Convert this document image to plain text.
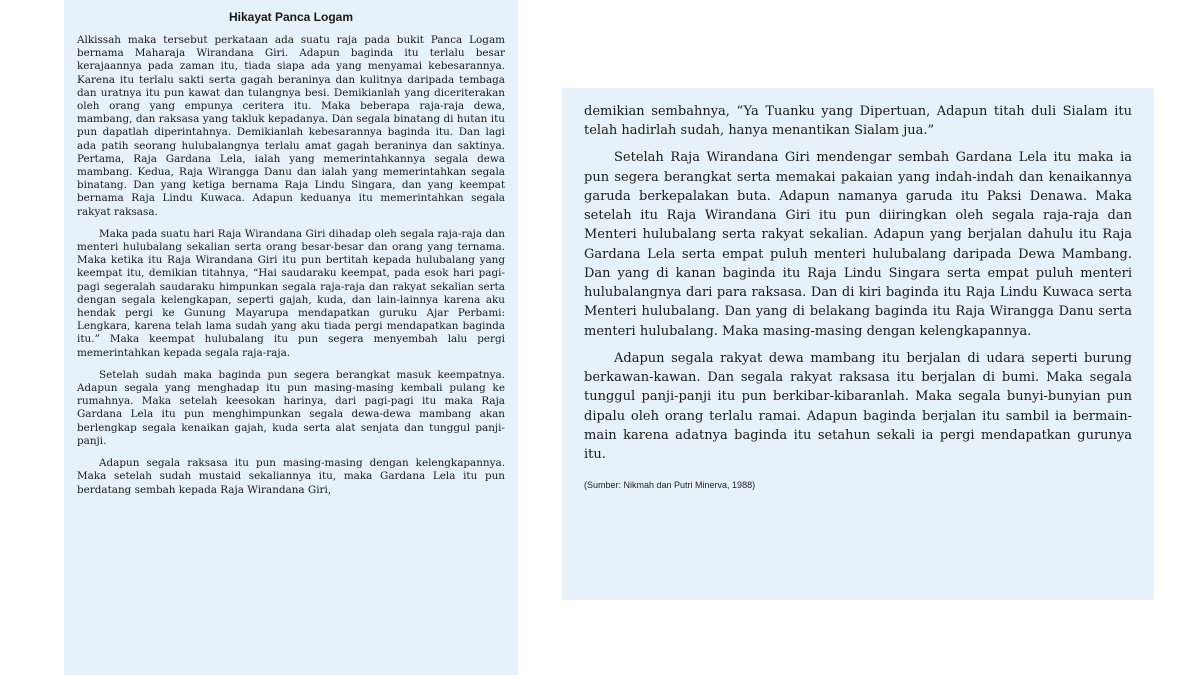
Hikayat Panca Logam

Alkissah maka tersebut perkataan ada suatu raja pada bukit Panca Logam bernama Maharaja Wirandana Giri. Adapun baginda itu terlalu besar kerajaannya pada zaman itu, tiada siapa ada yang menyamai kebesarannya. Karena itu terlalu sakti serta gagah beraninya dan kulitnya daripada tembaga dan uratnya itu pun kawat dan tulangnya besi. Demikianlah yang diceriterakan oleh orang yang empunya ceritera itu. Maka beberapa raja-raja dewa, mambang, dan raksasa yang takluk kepadanya. Dan segala binatang di hutan itu pun dapatlah diperintahnya. Demikianlah kebesarannya baginda itu. Dan lagi ada patih seorang hulubalangnya terlalu amat gagah beraninya dan saktinya. Pertama, Raja Gardana Lela, ialah yang memerintahkannya segala dewa mambang. Kedua, Raja Wirangga Danu dan ialah yang memerintahkan segala binatang. Dan yang ketiga bernama Raja Lindu Singara, dan yang keempat bernama Raja Lindu Kuwaca. Adapun keduanya itu memerintahkan segala rakyat raksasa.

Maka pada suatu hari Raja Wirandana Giri dihadap oleh segala raja-raja dan menteri hulubalang sekalian serta orang besar-besar dan orang yang ternama. Maka ketika itu Raja Wirandana Giri itu pun bertitah kepada hulubalang yang keempat itu, demikian titahnya, “Hai saudaraku keempat, pada esok hari pagi-pagi segeralah saudaraku himpunkan segala raja-raja dan rakyat sekalian serta dengan segala kelengkapan, seperti gajah, kuda, dan lain-lainnya karena aku hendak pergi ke Gunung Mayarupa mendapatkan guruku Ajar Perbami: Lengkara, karena telah lama sudah yang aku tiada pergi mendapatkan baginda itu.” Maka keempat hulubalang itu pun segera menyembah lalu pergi memerintahkan kepada segala raja-raja.

Setelah sudah maka baginda pun segera berangkat masuk keempatnya. Adapun segala yang menghadap itu pun masing-masing kembali pulang ke rumahnya. Maka setelah keesokan harinya, dari pagi-pagi itu maka Raja Gardana Lela itu pun menghimpunkan segala dewa-dewa mambang akan berlengkap segala kenaikan gajah, kuda serta alat senjata dan tunggul panji-panji.

Adapun segala raksasa itu pun masing-masing dengan kelengkapannya. Maka setelah sudah mustaid sekaliannya itu, maka Gardana Lela itu pun berdatang sembah kepada Raja Wirandana Giri,

demikian sembahnya, “Ya Tuanku yang Dipertuan, Adapun titah duli Sialam itu telah hadirlah sudah, hanya menantikan Sialam jua.”

Setelah Raja Wirandana Giri mendengar sembah Gardana Lela itu maka ia pun segera berangkat serta memakai pakaian yang indah-indah dan kenaikannya garuda berkepalakan buta. Adapun namanya garuda itu Paksi Denawa. Maka setelah itu Raja Wirandana Giri itu pun diiringkan oleh segala raja-raja dan Menteri hulubalang serta rakyat sekalian. Adapun yang berjalan dahulu itu Raja Gardana Lela serta empat puluh menteri hulubalang daripada Dewa Mambang. Dan yang di kanan baginda itu Raja Lindu Singara serta empat puluh menteri hulubalangnya dari para raksasa. Dan di kiri baginda itu Raja Lindu Kuwaca serta Menteri hulubalang. Dan yang di belakang baginda itu Raja Wirangga Danu serta menteri hulubalang. Maka masing-masing dengan kelengkapannya.

Adapun segala rakyat dewa mambang itu berjalan di udara seperti burung berkawan-kawan. Dan segala rakyat raksasa itu berjalan di bumi. Maka segala tunggul panji-panji itu pun berkibar-kibaranlah. Maka segala bunyi-bunyian pun dipalu oleh orang terlalu ramai. Adapun baginda berjalan itu sambil ia bermain-main karena adatnya baginda itu setahun sekali ia pergi mendapatkan gurunya itu.

(Sumber: Nikmah dan Putri Minerva, 1988)
